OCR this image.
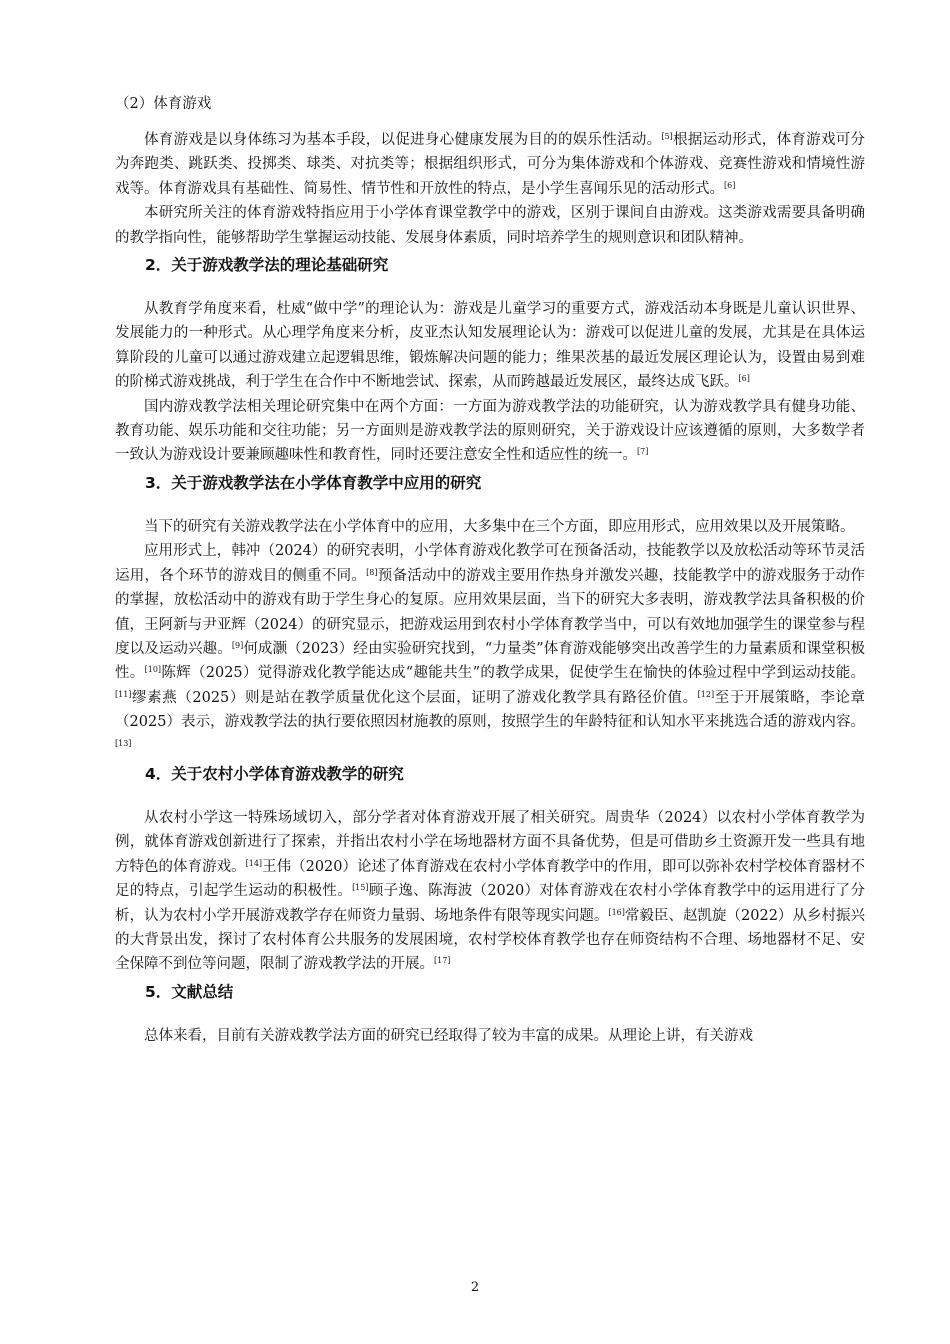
（2）体育游戏

体育游戏是以身体练习为基本手段，以促进身心健康发展为目的的娱乐性活动。[5]根据运动形式，体育游戏可分为奔跑类、跳跃类、投掷类、球类、对抗类等；根据组织形式，可分为集体游戏和个体游戏、竞赛性游戏和情境性游戏等。体育游戏具有基础性、简易性、情节性和开放性的特点，是小学生喜闻乐见的活动形式。[6]

本研究所关注的体育游戏特指应用于小学体育课堂教学中的游戏，区别于课间自由游戏。这类游戏需要具备明确的教学指向性，能够帮助学生掌握运动技能、发展身体素质，同时培养学生的规则意识和团队精神。

2．关于游戏教学法的理论基础研究

从教育学角度来看，杜威“做中学”的理论认为：游戏是儿童学习的重要方式，游戏活动本身既是儿童认识世界、发展能力的一种形式。从心理学角度来分析，皮亚杰认知发展理论认为：游戏可以促进儿童的发展，尤其是在具体运算阶段的儿童可以通过游戏建立起逻辑思维，锻炼解决问题的能力；维果茨基的最近发展区理论认为，设置由易到难的阶梯式游戏挑战，利于学生在合作中不断地尝试、探索，从而跨越最近发展区，最终达成飞跃。[6]

国内游戏教学法相关理论研究集中在两个方面：一方面为游戏教学法的功能研究，认为游戏教学具有健身功能、教育功能、娱乐功能和交往功能；另一方面则是游戏教学法的原则研究，关于游戏设计应该遵循的原则，大多数学者一致认为游戏设计要兼顾趣味性和教育性，同时还要注意安全性和适应性的统一。[7]

3．关于游戏教学法在小学体育教学中应用的研究

当下的研究有关游戏教学法在小学体育中的应用，大多集中在三个方面，即应用形式，应用效果以及开展策略。

应用形式上，韩冲（2024）的研究表明，小学体育游戏化教学可在预备活动，技能教学以及放松活动等环节灵活运用，各个环节的游戏目的侧重不同。[8]预备活动中的游戏主要用作热身并激发兴趣，技能教学中的游戏服务于动作的掌握，放松活动中的游戏有助于学生身心的复原。应用效果层面，当下的研究大多表明，游戏教学法具备积极的价值，王阿新与尹亚辉（2024）的研究显示，把游戏运用到农村小学体育教学当中，可以有效地加强学生的课堂参与程度以及运动兴趣。[9]何成灏（2023）经由实验研究找到，“力量类”体育游戏能够突出改善学生的力量素质和课堂积极性。[10]陈辉（2025）觉得游戏化教学能达成“趣能共生”的教学成果，促使学生在愉快的体验过程中学到运动技能。[11]缪素燕（2025）则是站在教学质量优化这个层面，证明了游戏化教学具有路径价值。[12]至于开展策略，李论章（2025）表示，游戏教学法的执行要依照因材施教的原则，按照学生的年龄特征和认知水平来挑选合适的游戏内容。[13]

4．关于农村小学体育游戏教学的研究

从农村小学这一特殊场域切入，部分学者对体育游戏开展了相关研究。周贵华（2024）以农村小学体育教学为例，就体育游戏创新进行了探索，并指出农村小学在场地器材方面不具备优势，但是可借助乡土资源开发一些具有地方特色的体育游戏。[14]王伟（2020）论述了体育游戏在农村小学体育教学中的作用，即可以弥补农村学校体育器材不足的特点，引起学生运动的积极性。[15]顾子逸、陈海波（2020）对体育游戏在农村小学体育教学中的运用进行了分析，认为农村小学开展游戏教学存在师资力量弱、场地条件有限等现实问题。[16]常毅臣、赵凯旋（2022）从乡村振兴的大背景出发，探讨了农村体育公共服务的发展困境，农村学校体育教学也存在师资结构不合理、场地器材不足、安全保障不到位等问题，限制了游戏教学法的开展。[17]

5．文献总结

总体来看，目前有关游戏教学法方面的研究已经取得了较为丰富的成果。从理论上讲，有关游戏

2
